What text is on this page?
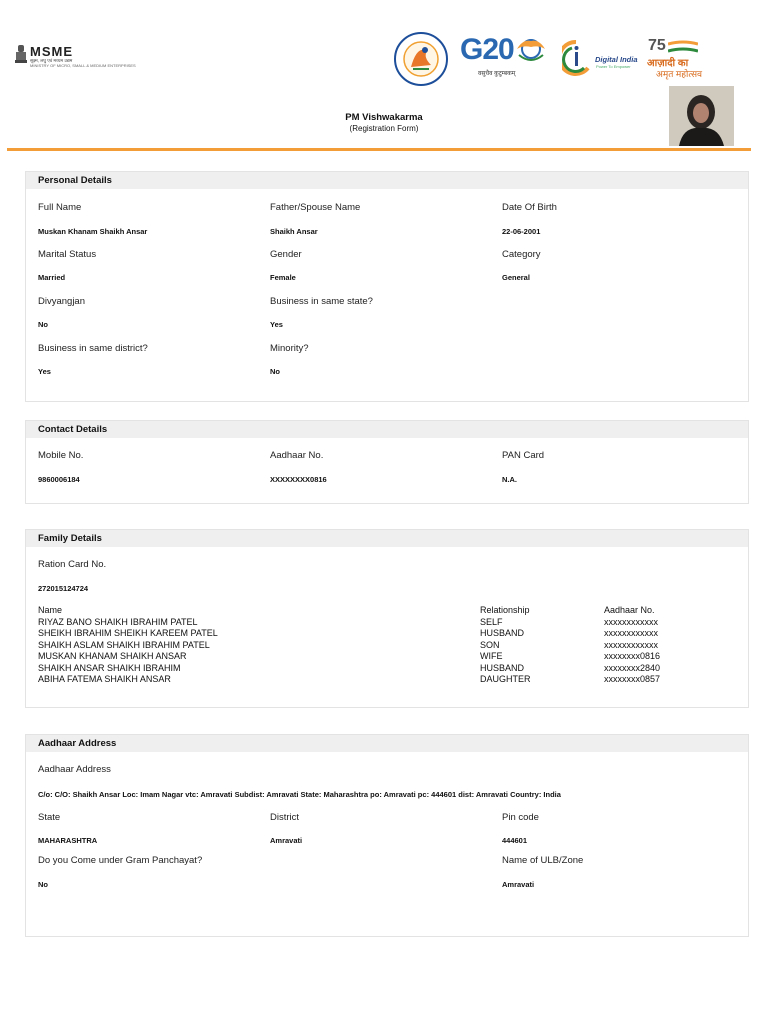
MSME
सूक्ष्म, लघु एवं मध्यम उद्यम
MINISTRY OF MICRO, SMALL & MEDIUM ENTERPRISES	G20
वसुधैव कुटुम्बकम्
Digital India
Power To Empower
75
आज़ादी का
अमृत महोत्सव
PM Vishwakarma
(Registration Form)
Personal Details
Full Name
Muskan Khanam Shaikh Ansar
Father/Spouse Name
Shaikh Ansar
Date Of Birth
22-06-2001
Marital Status
Married
Gender
Female
Category
General
Divyangjan
No
Business in same state?
Yes
Business in same district?
Yes
Minority?
No
Contact Details
Mobile No.
9860006184
Aadhaar No.
XXXXXXXX0816
PAN Card
N.A.
Family Details
Ration Card No.
272015124724
Name
RIYAZ BANO SHAIKH IBRAHIM PATEL
SHEIKH IBRAHIM SHEIKH KAREEM PATEL
SHAIKH ASLAM SHAIKH IBRAHIM PATEL
MUSKAN KHANAM SHAIKH ANSAR
SHAIKH ANSAR SHAIKH IBRAHIM
ABIHA FATEMA SHAIKH ANSAR
Relationship
SELF
HUSBAND
SON
WIFE
HUSBAND
DAUGHTER
Aadhaar No.
xxxxxxxxxxxx
xxxxxxxxxxxx
xxxxxxxxxxxx
xxxxxxxx0816
xxxxxxxx2840
xxxxxxxx0857
Aadhaar Address
Aadhaar Address
C/o: C/O: Shaikh Ansar Loc: Imam Nagar vtc: Amravati Subdist: Amravati State: Maharashtra po: Amravati pc: 444601 dist: Amravati Country: India
State
MAHARASHTRA
District
Amravati
Pin code
444601
Do you Come under Gram Panchayat?
No
Name of ULB/Zone
Amravati
